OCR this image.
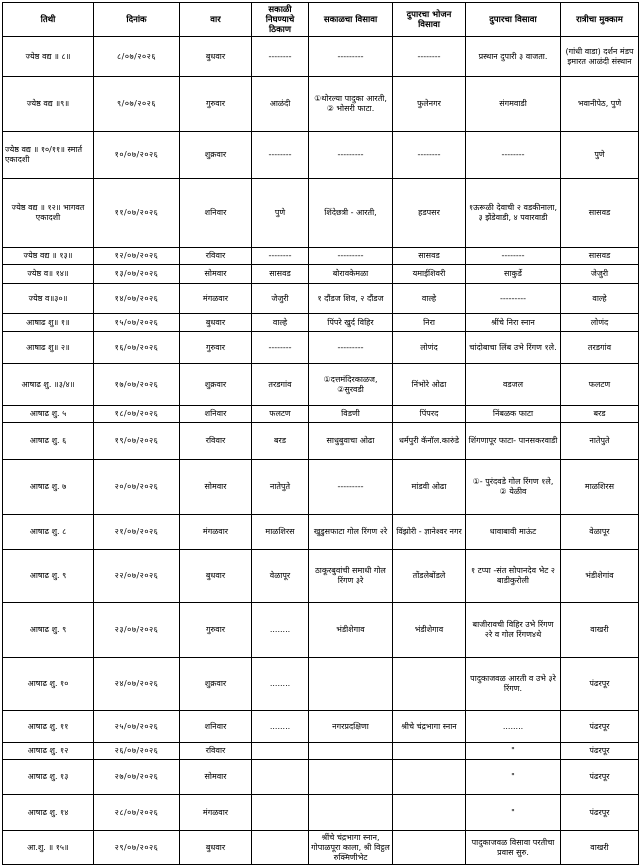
तिथी	दिनांक	वार	सकाळी निघण्याचे ठिकाण	सकाळचा विसावा	दुपारचा भोजन विसावा	दुपारचा विसावा	रात्रीचा मुक्काम
ज्येष्ठ वद्य ॥ ८॥	८/०७/२०२६	बुधवार	--------	---------	--------	प्रस्थान दुपारी ३ वाजता.	(गांधी वाडा) दर्शन मंडप इमारत आळंदी संस्थान
ज्येष्ठ वद्य ॥९॥	९/०७/२०२६	गुरुवार	आळंदी	①थोरल्या पादुका आरती, ② भोसरी फाटा.	फुलेनगर	संगमवाडी	भवानीपेठ, पुणे
ज्येष्ठ वद्य ॥ १०/११॥ स्मार्त एकादशी	१०/०७/२०२६	शुक्रवार	--------	---------	--------	--------	पुणे
ज्येष्ठ वद्य ॥ १२॥ भागवत एकादशी	११/०७/२०२६	शनिवार	पुणे	शिंदेछत्री - आरती,	हडपसर	१ऊरूळी देवाची २ वडकीनाला, ३ झेंडेवाडी, ४ पवारवाडी	सासवड
ज्येष्ठ वद्य ॥ १३॥	१२/०७/२०२६	रविवार	--------	---------	सासवड	--------	सासवड
ज्येष्ठ व॥ १४॥	१३/०७/२०२६	सोमवार	सासवड	बोरावकेमळा	यमाईशिवरी	साकुर्डे	जेजुरी
ज्येष्ठ व॥३०॥	१४/०७/२०२६	मंगळवार	जेजुरी	१ दौंडज शिव, २ दौंडज	वाल्हे	---------	वाल्हे
आषाढ शु॥ १॥	१५/०७/२०२६	बुधवार	वाल्हे	पिंपरे खुर्द विहिर	निरा	श्रींचे निरा स्नान	लोणंद
आषाढ शु॥ २॥	१६/०७/२०२६	गुरुवार	--------	---------	लोणंद	चांदोबाचा लिंब उभे रिंगण १ले.	तरडगांव
आषाढ शु. ॥३/४॥	१७/०७/२०२६	शुक्रवार	तरडगांव	①दत्तमंदिरकाळज, ②सुरवडी	निंभोरे ओढा	वडजल	फलटण
आषाढ शु. ५	१८/०७/२०२६	शनिवार	फलटण	विडणी	पिंपरद	निंबळक फाटा	बरड
आषाढ शु. ६	१९/०७/२०२६	रविवार	बरड	साधुबुवाचा ओढा	धर्मपुरी कॅनॉल.कारुंडे	शिंगणापूर फाटा- पानसकरवाडी	नातेपुते
आषाढ शु. ७	२०/०७/२०२६	सोमवार	नातेपुते	---------	मांडवी ओढा	①- पुरंदवडे गोल रिंगण १ले, ② येळीव	माळशिरस
आषाढ शु. ८	२१/०७/२०२६	मंगळवार	माळशिरस	खुडुसफाटा गोल रिंगण २रे	विंझोरी - ज्ञानेश्वर नगर	धावाबावी माऊंट	वेळापूर
आषाढ शु. ९	२२/०७/२०२६	बुधवार	वेळापूर	ठाकूरबुवांची समाधी गोल रिंगण ३रे	तोंडलेबोंडले	१ टप्पा -संत सोपानदेव भेट २ बाडीकुरोली	भंडीशेगांव
आषाढ शु. ९	२३/०७/२०२६	गुरुवार	........	भंडीशेगाव	भंडीशेगाव	बाजीरावची विहिर उभे रिंगण २रे व गोल रिंगण४थे	वाखरी
आषाढ शु. १०	२४/०७/२०२६	शुक्रवार	........			पादुकाजवळ आरती व उभे ३रे रिंगण.	पंढरपूर
आषाढ शु. ११	२५/०७/२०२६	शनिवार	........	नगरप्रदक्षिणा	श्रीचे चंद्रभागा स्नान	........	पंढरपूर
आषाढ शु. १२	२६/०७/२०२६	रविवार				"	पंढरपूर
आषाढ शु. १३	२७/०७/२०२६	सोमवार				"	पंढरपूर
आषाढ शु. १४	२८/०७/२०२६	मंगळवार				"	पंढरपूर
आ.शु. ॥ १५॥	२९/०७/२०२६	बुधवार		श्रींचे चंद्रभागा स्नान, गोपाळपूरा काला, श्री विट्ठल रुक्मिणीभेट		पादुकाजवळ विसावा परतीचा प्रवास सुरु.	वाखरी
